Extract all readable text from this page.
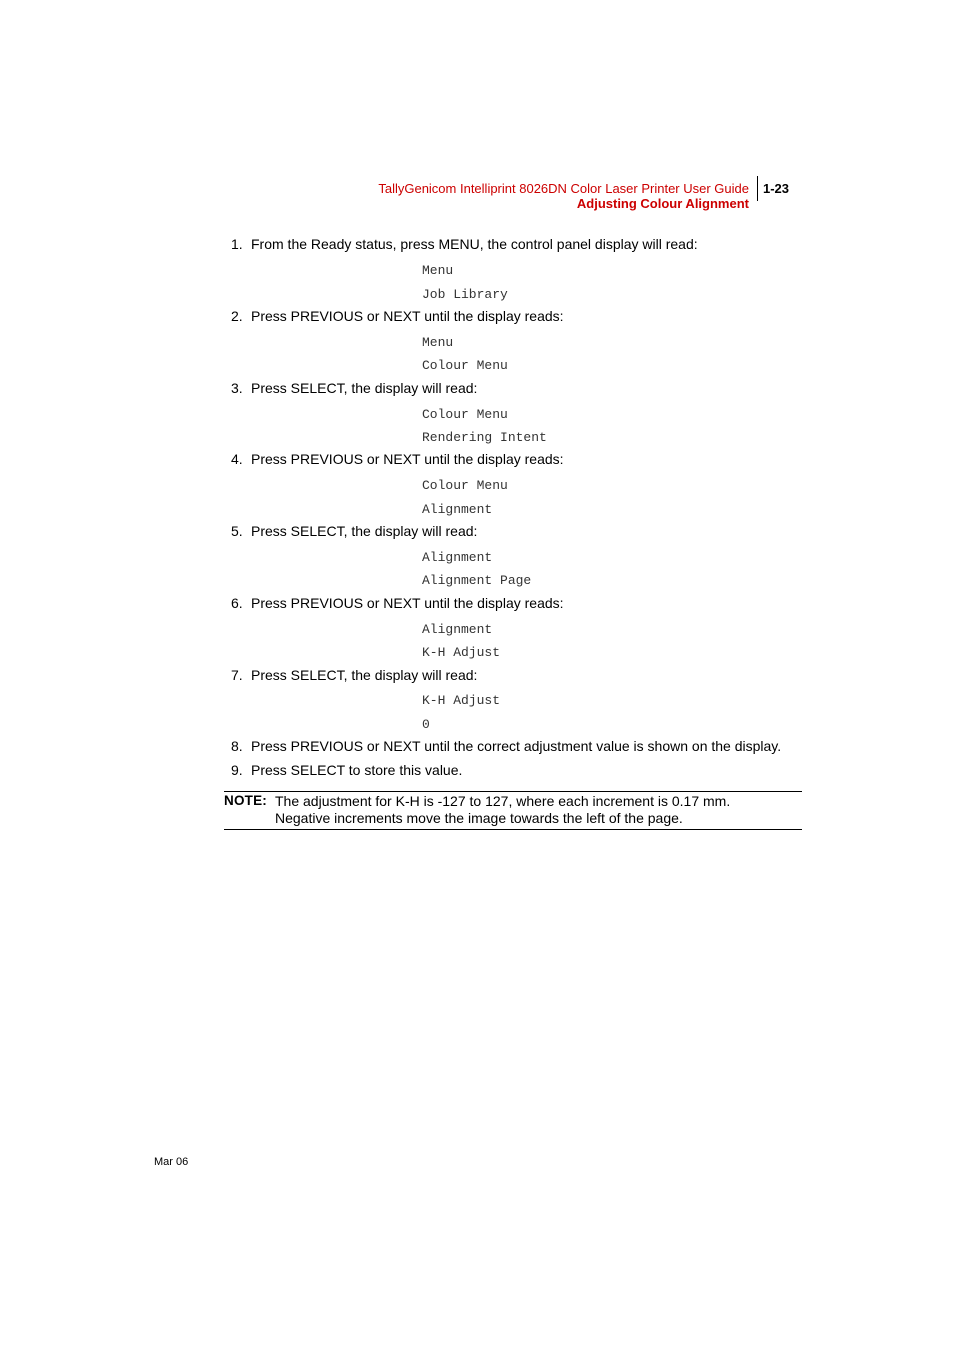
TallyGenicom Intelliprint 8026DN Color Laser Printer User Guide
Adjusting Colour Alignment
1-23
1. From the Ready status, press MENU, the control panel display will read:
Menu
Job Library
2. Press PREVIOUS or NEXT until the display reads:
Menu
Colour Menu
3. Press SELECT, the display will read:
Colour Menu
Rendering Intent
4. Press PREVIOUS or NEXT until the display reads:
Colour Menu
Alignment
5. Press SELECT, the display will read:
Alignment
Alignment Page
6. Press PREVIOUS or NEXT until the display reads:
Alignment
K-H Adjust
7. Press SELECT, the display will read:
K-H Adjust
0
8. Press PREVIOUS or NEXT until the correct adjustment value is shown on the display.
9. Press SELECT to store this value.
NOTE: The adjustment for K-H is -127 to 127, where each increment is 0.17 mm.
Negative increments move the image towards the left of the page.
Mar 06
